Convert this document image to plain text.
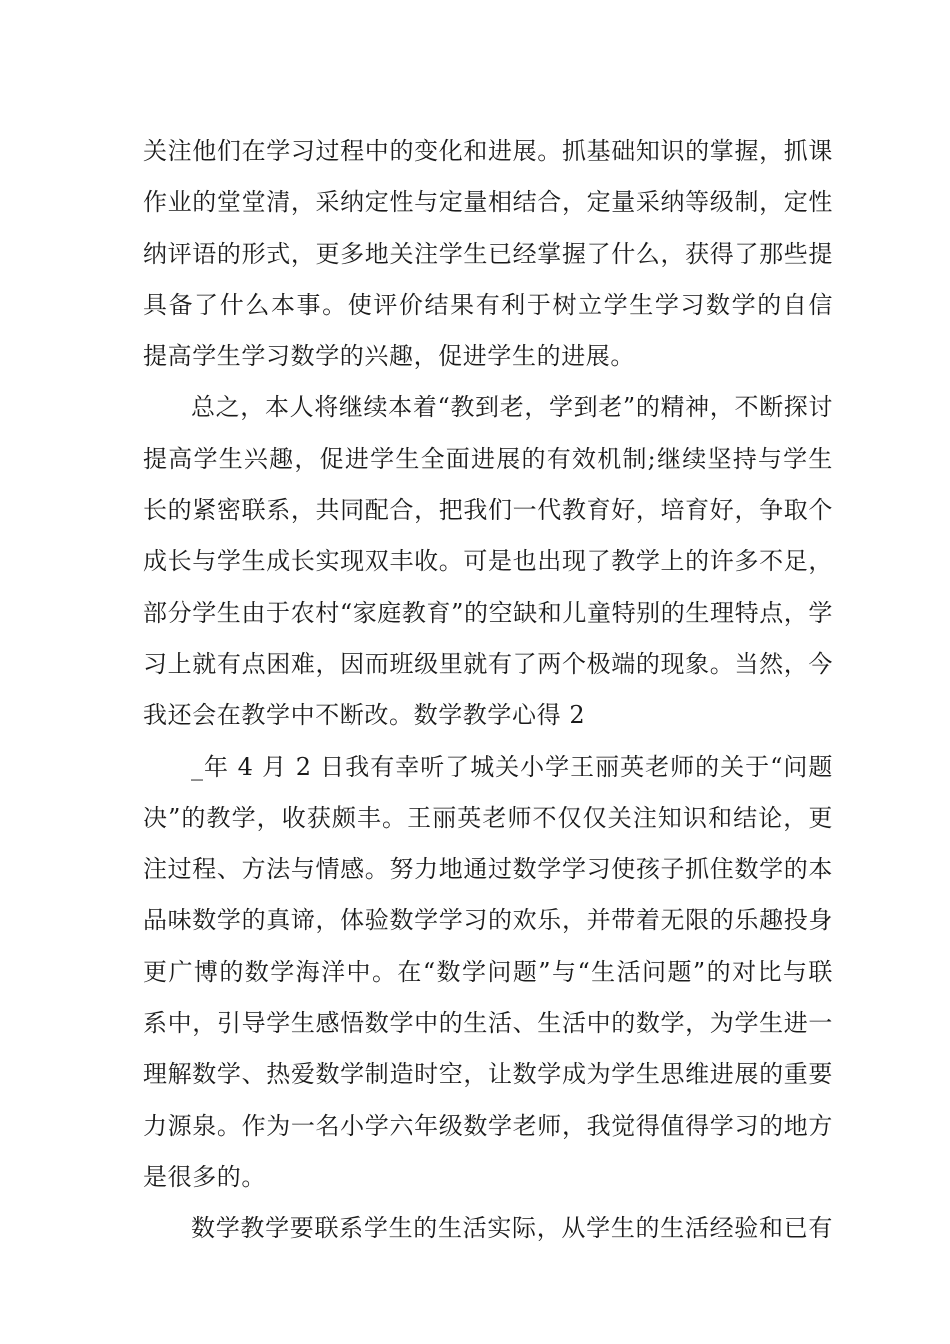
关注他们在学习过程中的变化和进展。抓基础知识的掌握，抓课
作业的堂堂清，采纳定性与定量相结合，定量采纳等级制，定性
纳评语的形式，更多地关注学生已经掌握了什么，获得了那些提
具备了什么本事。使评价结果有利于树立学生学习数学的自信
提高学生学习数学的兴趣，促进学生的进展。
总之，本人将继续本着“教到老，学到老”的精神，不断探讨
提高学生兴趣，促进学生全面进展的有效机制;继续坚持与学生
长的紧密联系，共同配合，把我们一代教育好，培育好，争取个
成长与学生成长实现双丰收。可是也出现了教学上的许多不足，
部分学生由于农村“家庭教育”的空缺和儿童特别的生理特点，学
习上就有点困难，因而班级里就有了两个极端的现象。当然，今
我还会在教学中不断改。数学教学心得 2
_年 4 月 2 日我有幸听了城关小学王丽英老师的关于“问题
决”的教学，收获颇丰。王丽英老师不仅仅关注知识和结论，更
注过程、方法与情感。努力地通过数学学习使孩子抓住数学的本
品味数学的真谛，体验数学学习的欢乐，并带着无限的乐趣投身
更广博的数学海洋中。在“数学问题”与“生活问题”的对比与联
系中，引导学生感悟数学中的生活、生活中的数学，为学生进一
理解数学、热爱数学制造时空，让数学成为学生思维进展的重要
力源泉。作为一名小学六年级数学老师，我觉得值得学习的地方
是很多的。
数学教学要联系学生的生活实际，从学生的生活经验和已有
